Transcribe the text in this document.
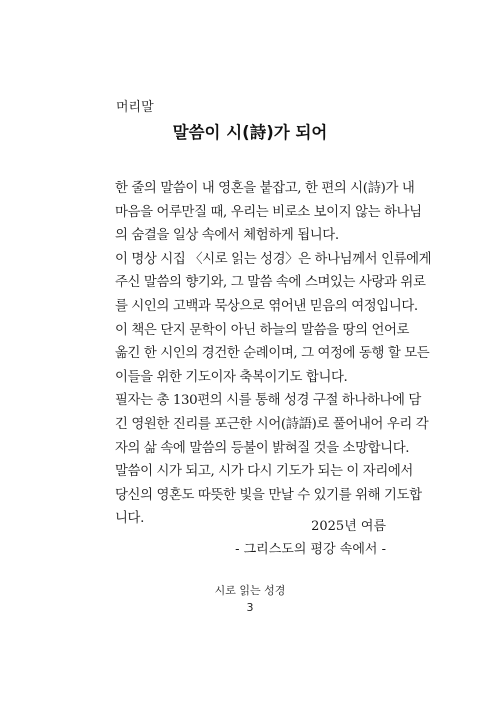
머리말
말씀이 시(詩)가 되어
한 줄의 말씀이 내 영혼을 붙잡고, 한 편의 시(詩)가 내
마음을 어루만질 때, 우리는 비로소 보이지 않는 하나님
의 숨결을 일상 속에서 체험하게 됩니다.
이 명상 시집 〈시로 읽는 성경〉은 하나님께서 인류에게
주신 말씀의 향기와, 그 말씀 속에 스며있는 사랑과 위로
를 시인의 고백과 묵상으로 엮어낸 믿음의 여정입니다.
이 책은 단지 문학이 아닌 하늘의 말씀을 땅의 언어로
옮긴 한 시인의 경건한 순례이며, 그 여정에 동행 할 모든
이들을 위한 기도이자 축복이기도 합니다.
필자는 총 130편의 시를 통해 성경 구절 하나하나에 담
긴 영원한 진리를 포근한 시어(詩語)로 풀어내어 우리 각
자의 삶 속에 말씀의 등불이 밝혀질 것을 소망합니다.
말씀이 시가 되고, 시가 다시 기도가 되는 이 자리에서
당신의 영혼도 따뜻한 빛을 만날 수 있기를 위해 기도합
니다.
2025년 여름
- 그리스도의 평강 속에서 -
시로 읽는 성경
3
